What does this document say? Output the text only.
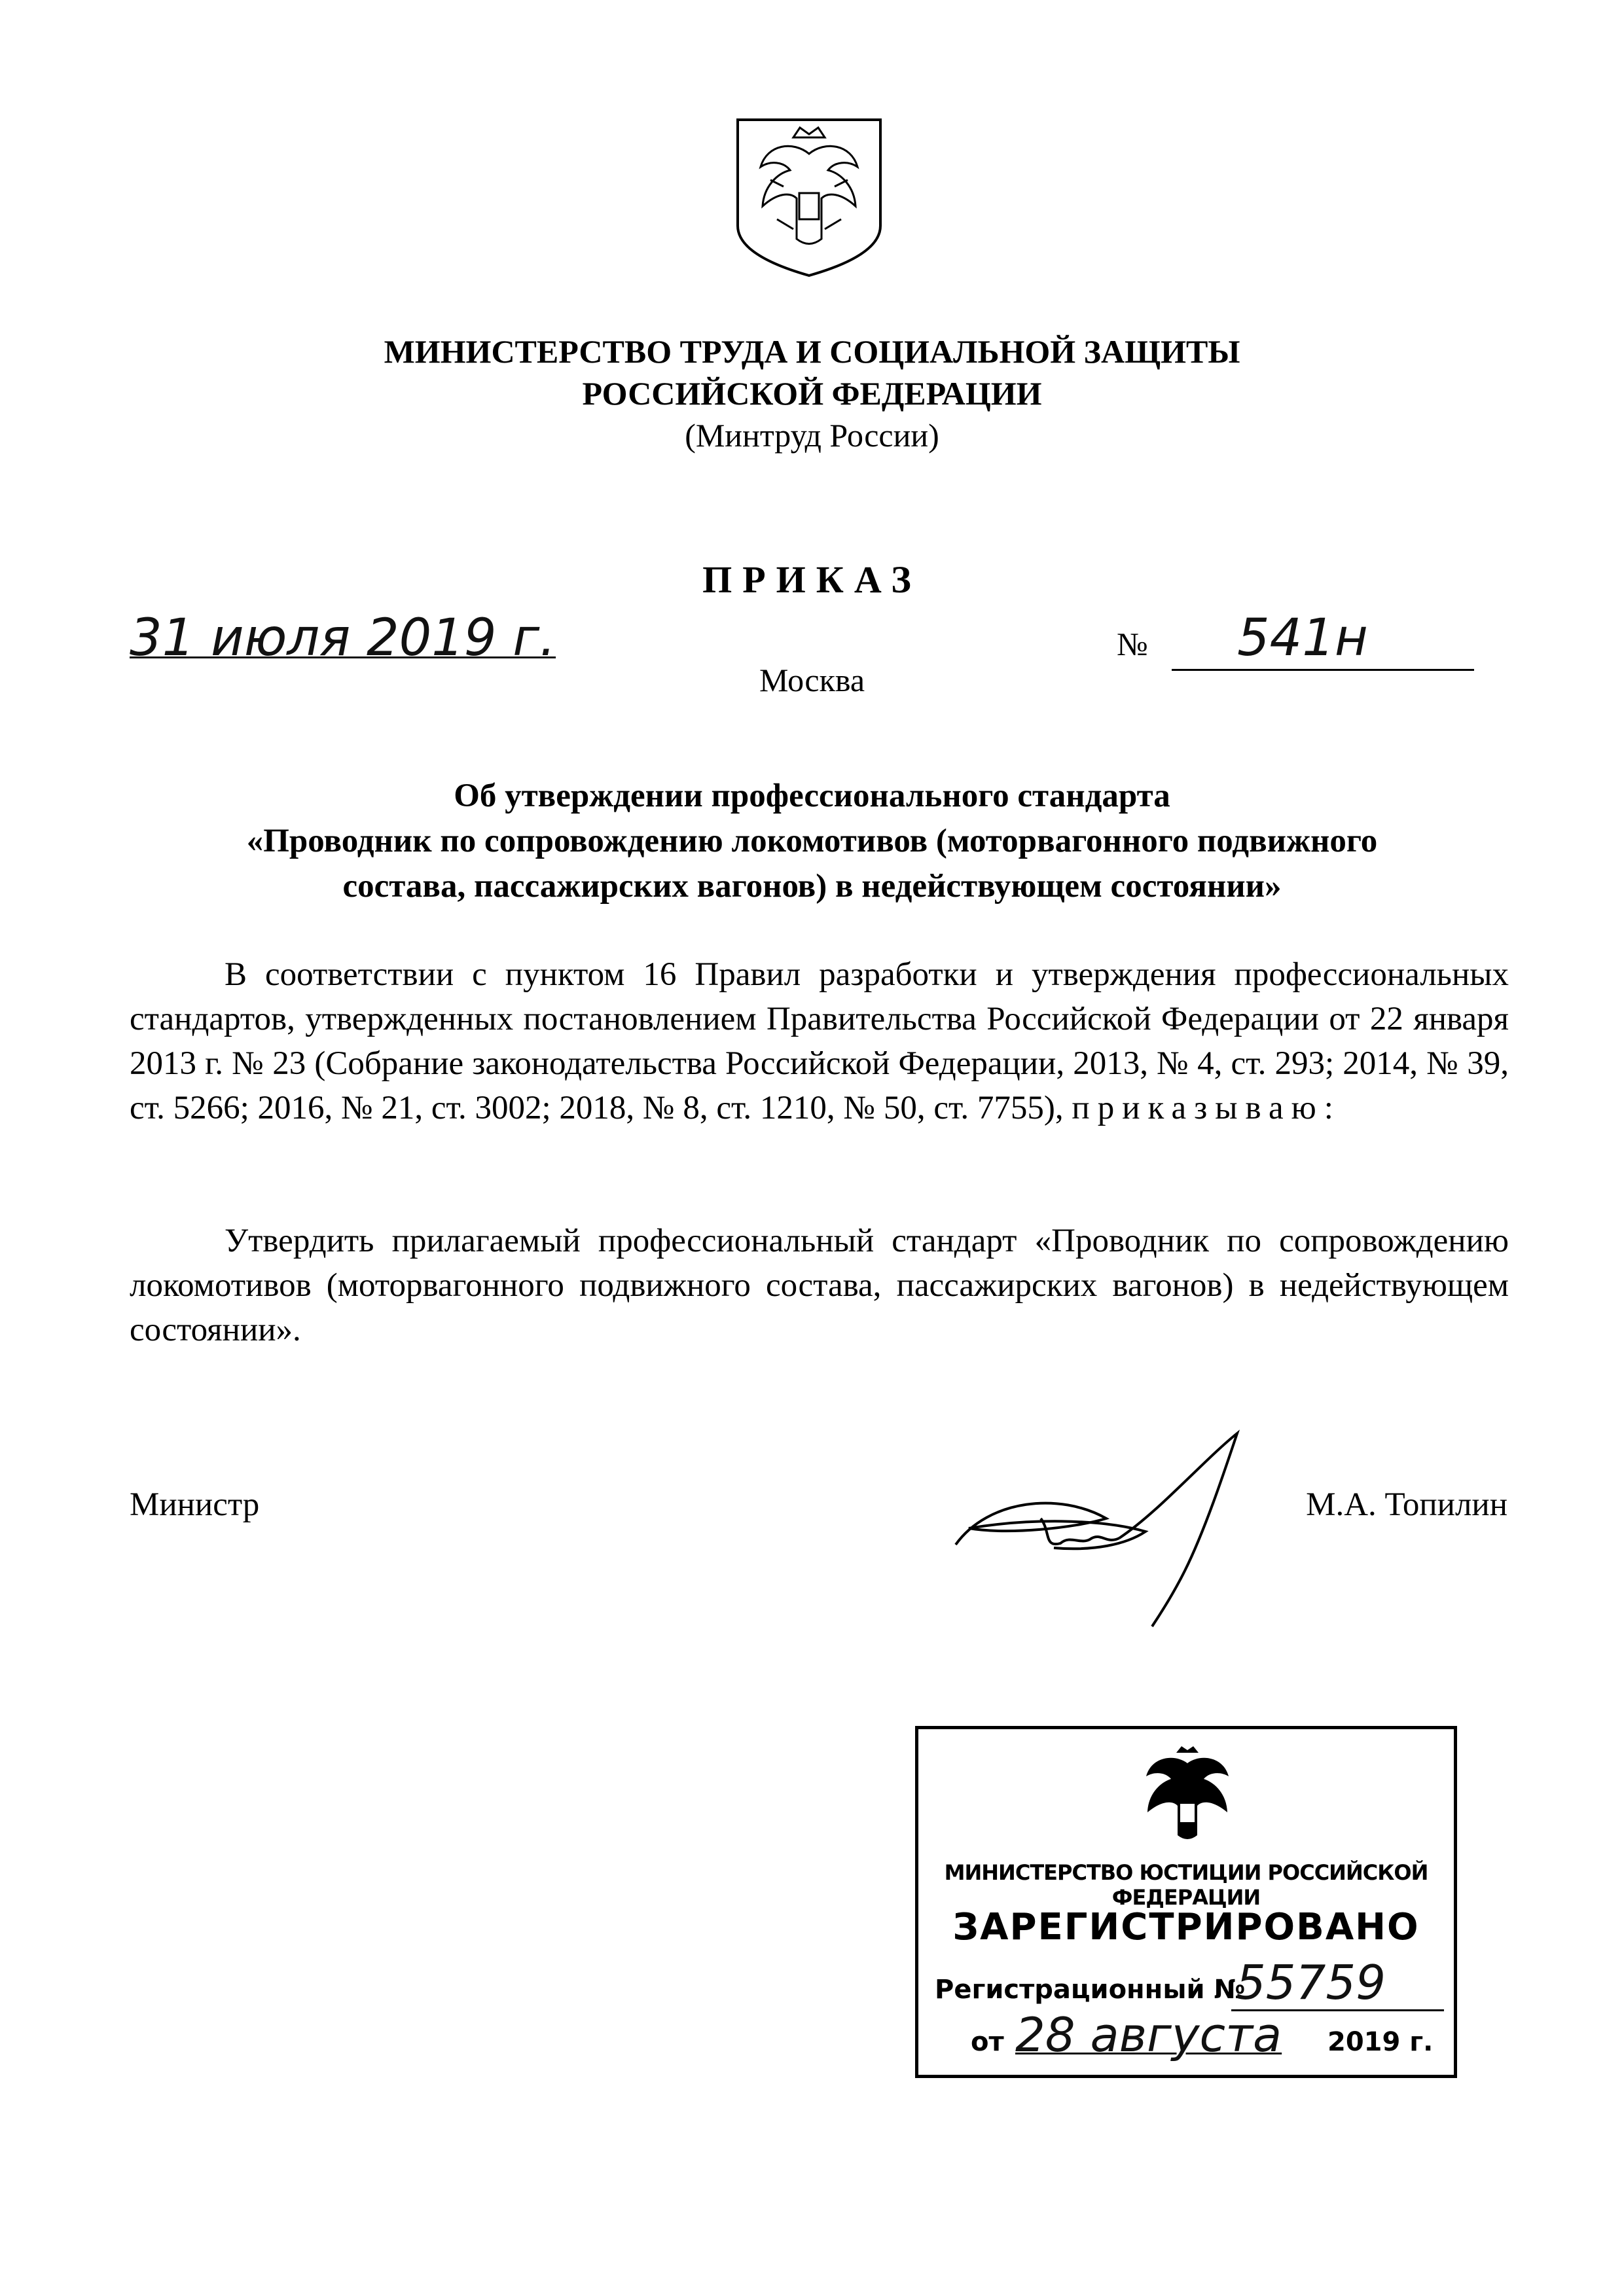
МИНИСТЕРСТВО ТРУДА И СОЦИАЛЬНОЙ ЗАЩИТЫ
РОССИЙСКОЙ ФЕДЕРАЦИИ
(Минтруд России)
ПРИКАЗ
31 июля 2019 г.	№ 541н
Москва
Об утверждении профессионального стандарта
«Проводник по сопровождению локомотивов (моторвагонного подвижного
состава, пассажирских вагонов) в недействующем состоянии»
В соответствии с пунктом 16 Правил разработки и утверждения профессиональных стандартов, утвержденных постановлением Правительства Российской Федерации от 22 января 2013 г. № 23 (Собрание законодательства Российской Федерации, 2013, № 4, ст. 293; 2014, № 39, ст. 5266; 2016, № 21, ст. 3002; 2018, № 8, ст. 1210, № 50, ст. 7755), приказываю:
Утвердить прилагаемый профессиональный стандарт «Проводник по сопровождению локомотивов (моторвагонного подвижного состава, пассажирских вагонов) в недействующем состоянии».
Министр	М.А. Топилин
МИНИСТЕРСТВО ЮСТИЦИИ РОССИЙСКОЙ ФЕДЕРАЦИИ
ЗАРЕГИСТРИРОВАНО
Регистрационный №
55759
от 28 августа 2019 г.
